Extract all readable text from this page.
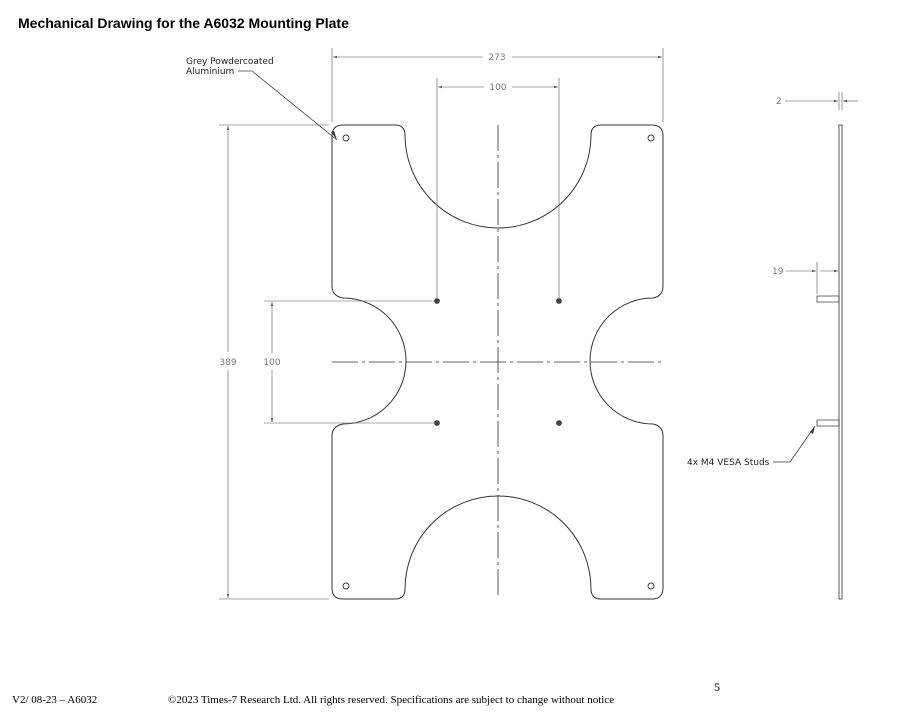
Mechanical Drawing for the A6032 Mounting Plate
273
100
389	100
Grey Powdercoated
Aluminium
2
19
4x M4 VESA Studs
5
V2/ 08-23 – A6032	©2023 Times-7 Research Ltd. All rights reserved. Specifications are subject to change without notice
